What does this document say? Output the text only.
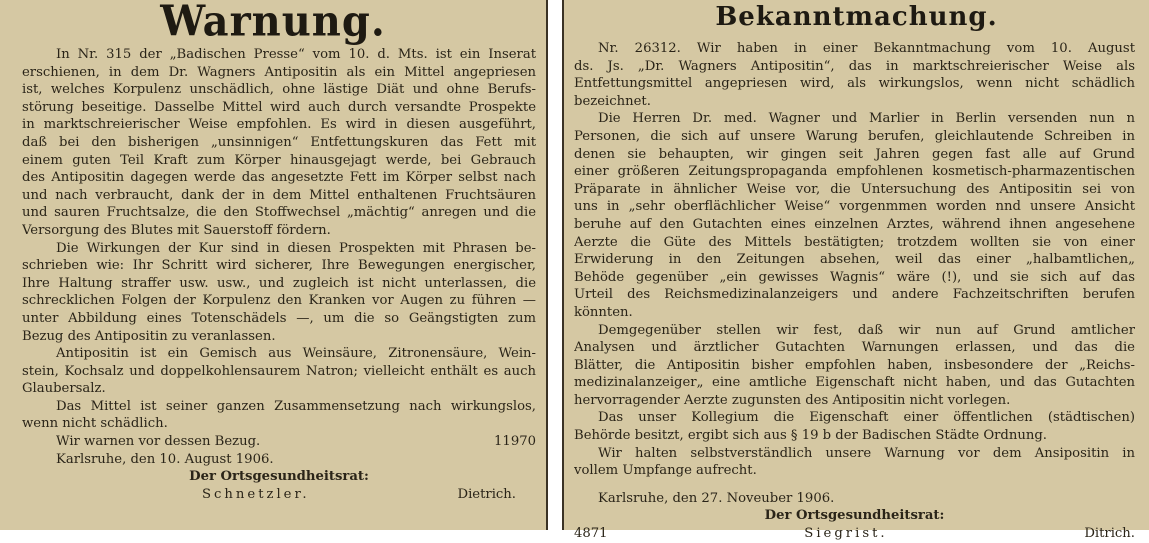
Warnung.
In Nr. 315 der „Badischen Presse“ vom 10. d. Mts. ist ein Inserat
erschienen, in dem Dr. Wagners Antipositin als ein Mittel angepriesen
ist, welches Korpulenz unschädlich, ohne lästige Diät und ohne Berufs-
störung beseitige. Dasselbe Mittel wird auch durch versandte Prospekte
in marktschreierischer Weise empfohlen. Es wird in diesen ausgeführt,
daß bei den bisherigen „unsinnigen“ Entfettungskuren das Fett mit
einem guten Teil Kraft zum Körper hinausgejagt werde, bei Gebrauch
des Antipositin dagegen werde das angesetzte Fett im Körper selbst nach
und nach verbraucht, dank der in dem Mittel enthaltenen Fruchtsäuren
und sauren Fruchtsalze, die den Stoffwechsel „mächtig“ anregen und die
Versorgung des Blutes mit Sauerstoff fördern.
Die Wirkungen der Kur sind in diesen Prospekten mit Phrasen be-
schrieben wie: Ihr Schritt wird sicherer, Ihre Bewegungen energischer,
Ihre Haltung straffer usw. usw., und zugleich ist nicht unterlassen, die
schrecklichen Folgen der Korpulenz den Kranken vor Augen zu führen —
unter Abbildung eines Totenschädels —, um die so Geängstigten zum
Bezug des Antipositin zu veranlassen.
Antipositin ist ein Gemisch aus Weinsäure, Zitronensäure, Wein-
stein, Kochsalz und doppelkohlensaurem Natron; vielleicht enthält es auch
Glaubersalz.
Das Mittel ist seiner ganzen Zusammensetzung nach wirkungslos,
wenn nicht schädlich.
Wir warnen vor dessen Bezug.	11970
Karlsruhe, den 10. August 1906.
Der Ortsgesundheitsrat:
Schnetzler.	Dietrich.
Bekanntmachung.
Nr. 26312. Wir haben in einer Bekanntmachung vom 10. August
ds. Js. „Dr. Wagners Antipositin“, das in marktschreierischer Weise als
Entfettungsmittel angepriesen wird, als wirkungslos, wenn nicht schädlich
bezeichnet.
Die Herren Dr. med. Wagner und Marlier in Berlin versenden nun n
Personen, die sich auf unsere Warung berufen, gleichlautende Schreiben in
denen sie behaupten, wir gingen seit Jahren gegen fast alle auf Grund
einer größeren Zeitungspropaganda empfohlenen kosmetisch-pharmazentischen
Präparate in ähnlicher Weise vor, die Untersuchung des Antipositin sei von
uns in „sehr oberflächlicher Weise“ vorgenmmen worden nnd unsere Ansicht
beruhe auf den Gutachten eines einzelnen Arztes, während ihnen angesehene
Aerzte die Güte des Mittels bestätigten; trotzdem wollten sie von einer
Erwiderung in den Zeitungen absehen, weil das einer „halbamtlichen„
Behöde gegenüber „ein gewisses Wagnis“ wäre (!), und sie sich auf das
Urteil des Reichsmedizinalanzeigers und andere Fachzeitschriften berufen
könnten.
Demgegenüber stellen wir fest, daß wir nun auf Grund amtlicher
Analysen und ärztlicher Gutachten Warnungen erlassen, und das die
Blätter, die Antipositin bisher empfohlen haben, insbesondere der „Reichs-
medizinalanzeiger„ eine amtliche Eigenschaft nicht haben, und das Gutachten
hervorragender Aerzte zugunsten des Antipositin nicht vorlegen.
Das unser Kollegium die Eigenschaft einer öffentlichen (städtischen)
Behörde besitzt, ergibt sich aus § 19 b der Badischen Städte Ordnung.
Wir halten selbstverständlich unsere Warnung vor dem Ansipositin in
vollem Umpfange aufrecht.
Karlsruhe, den 27. Noveuber 1906.
Der Ortsgesundheitsrat:
4871	Siegrist.	Ditrich.
